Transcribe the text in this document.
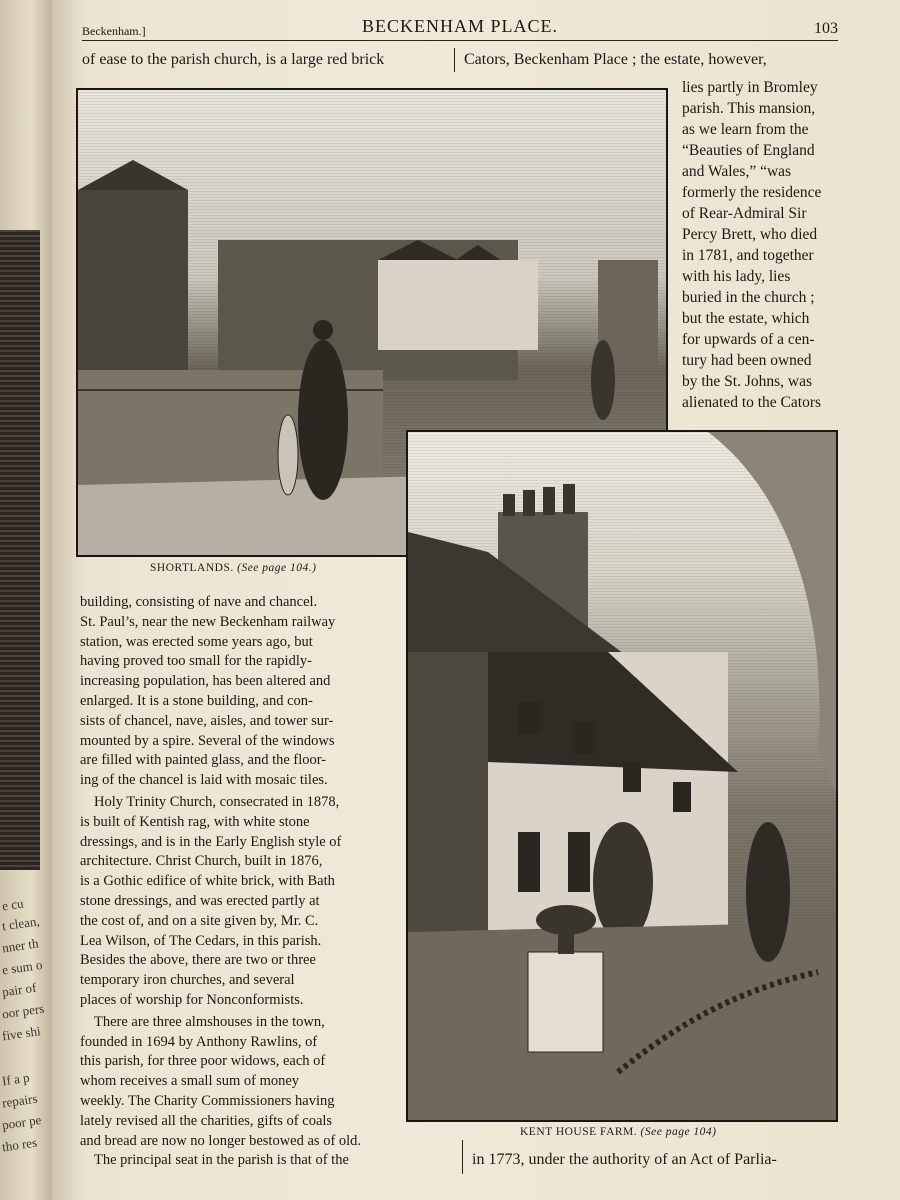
e cu
t clean,
nner th
e sum o
pair of
oor pers
five shi
If a p
repairs
poor pe
tho res
Beckenham.]	BECKENHAM PLACE.	103
of ease to the parish church, is a large red brick	Cators, Beckenham Place ; the estate, however,
SHORTLANDS. (See page 104.)
lies partly in Bromley
parish. This mansion,
as we learn from the
“Beauties of England
and Wales,” “was
formerly the residence
of Rear-Admiral Sir
Percy Brett, who died
in 1781, and together
with his lady, lies
buried in the church ;
but the estate, which
for upwards of a cen-
tury had been owned
by the St. Johns, was
alienated to the Cators
KENT HOUSE FARM. (See page 104)
building, consisting of nave and chancel.
St. Paul’s, near the new Beckenham railway
station, was erected some years ago, but
having proved too small for the rapidly-
increasing population, has been altered and
enlarged. It is a stone building, and con-
sists of chancel, nave, aisles, and tower sur-
mounted by a spire. Several of the windows
are filled with painted glass, and the floor-
ing of the chancel is laid with mosaic tiles.
Holy Trinity Church, consecrated in 1878,
is built of Kentish rag, with white stone
dressings, and is in the Early English style of
architecture. Christ Church, built in 1876,
is a Gothic edifice of white brick, with Bath
stone dressings, and was erected partly at
the cost of, and on a site given by, Mr. C.
Lea Wilson, of The Cedars, in this parish.
Besides the above, there are two or three
temporary iron churches, and several
places of worship for Nonconformists.
There are three almshouses in the town,
founded in 1694 by Anthony Rawlins, of
this parish, for three poor widows, each of
whom receives a small sum of money
weekly. The Charity Commissioners having
lately revised all the charities, gifts of coals
and bread are now no longer bestowed as of old.
The principal seat in the parish is that of the	in 1773, under the authority of an Act of Parlia-
